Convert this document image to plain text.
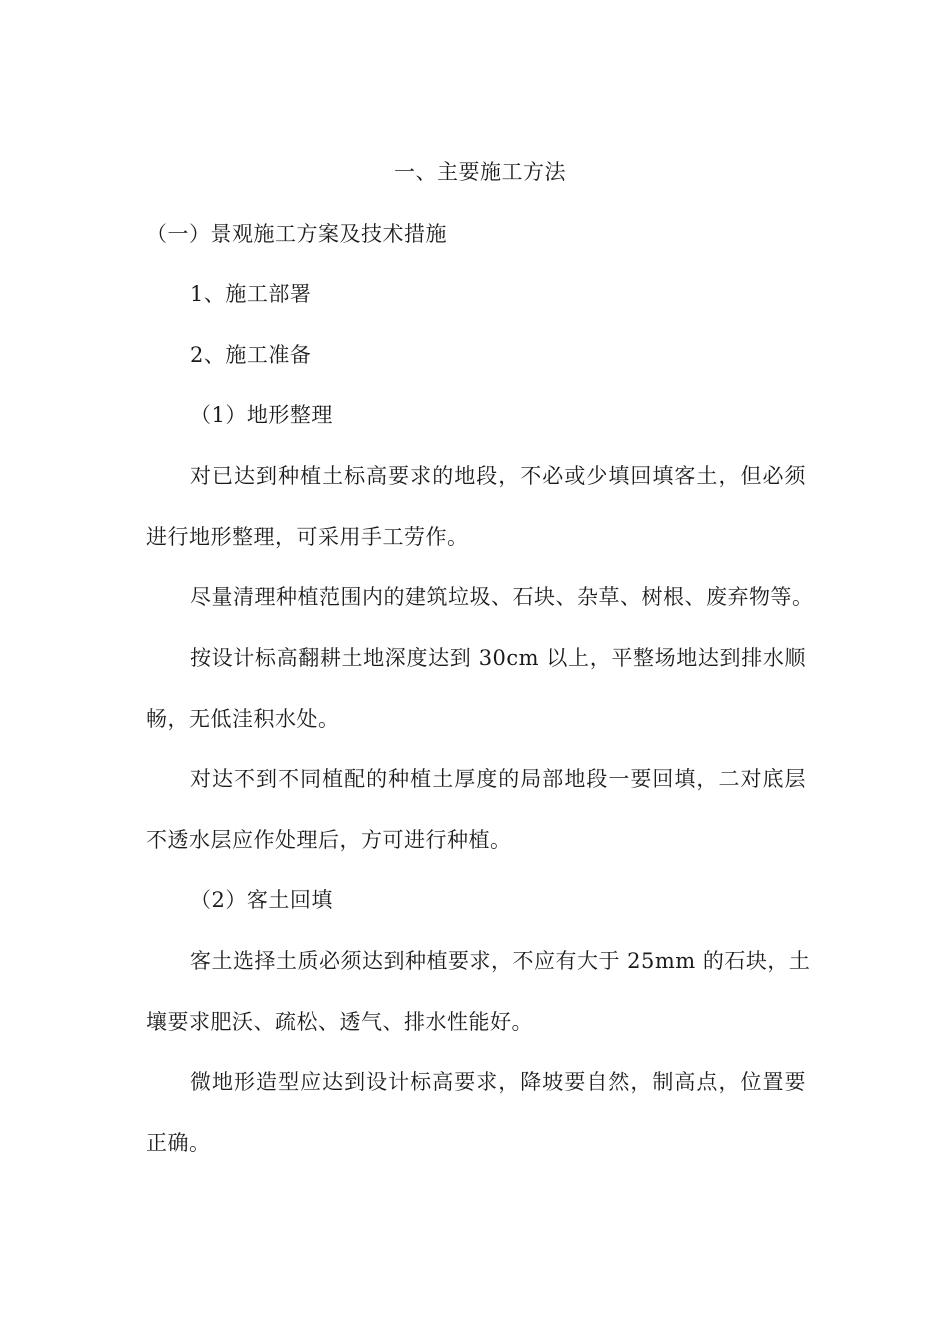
一、主要施工方法
（一）景观施工方案及技术措施
1、施工部署
2、施工准备
（1）地形整理
对已达到种植土标高要求的地段，不必或少填回填客土，但必须
进行地形整理，可采用手工劳作。
尽量清理种植范围内的建筑垃圾、石块、杂草、树根、废弃物等。
按设计标高翻耕土地深度达到 30cm 以上，平整场地达到排水顺
畅，无低洼积水处。
对达不到不同植配的种植土厚度的局部地段一要回填，二对底层
不透水层应作处理后，方可进行种植。
（2）客土回填
客土选择土质必须达到种植要求，不应有大于 25mm 的石块，土
壤要求肥沃、疏松、透气、排水性能好。
微地形造型应达到设计标高要求，降坡要自然，制高点，位置要
正确。
